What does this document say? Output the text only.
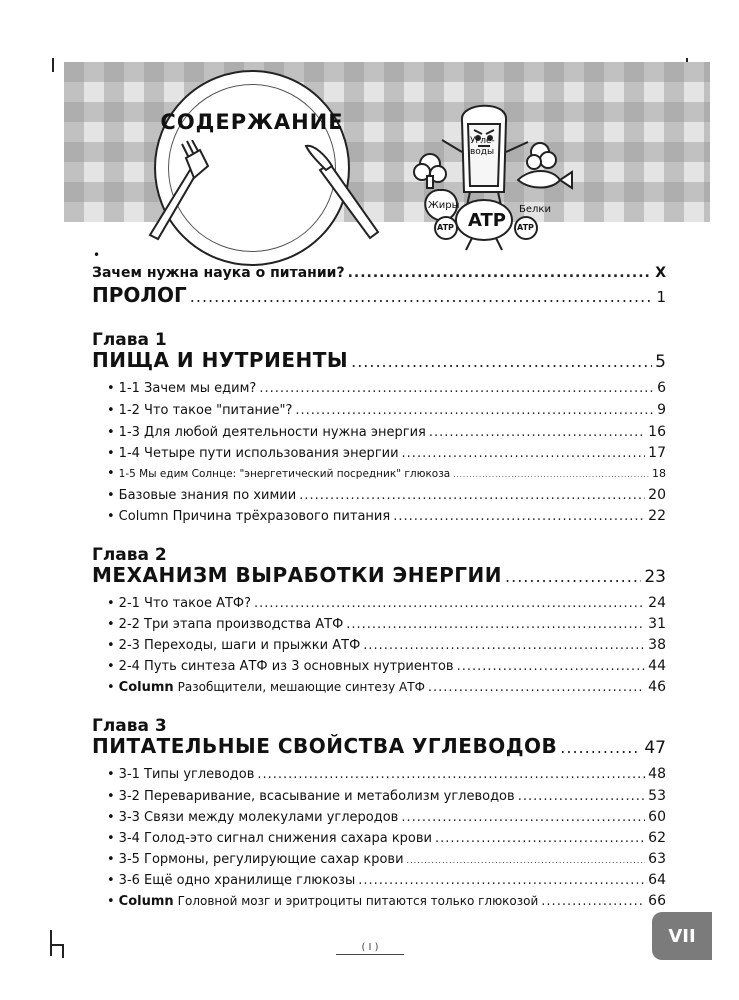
СОДЕРЖАНИЕ
Угле-
воды
Жиры	Белки
ATP
ATP	ATP
•
Зачем нужна наука о питании? .....	X
ПРОЛОГ .....	1
Глава 1
ПИЩА И НУТРИЕНТЫ .....	5
• 1-1 Зачем мы едим? .....	6
• 1-2 Что такое "питание"? .....	9
• 1-3 Для любой деятельности нужна энергия .....	16
• 1-4 Четыре пути использования энергии .....	17
• 1-5 Мы едим Солнце: "энергетический посредник" глюкоза .....	18
• Базовые знания по химии .....	20
• Column Причина трёхразового питания .....	22
Глава 2
МЕХАНИЗМ ВЫРАБОТКИ ЭНЕРГИИ .....	23
• 2-1 Что такое АТФ? .....	24
• 2-2 Три этапа производства АТФ .....	31
• 2-3 Переходы, шаги и прыжки АТФ .....	38
• 2-4 Путь синтеза АТФ из 3 основных нутриентов .....	44
• Column Разобщители, мешающие синтезу АТФ .....	46
Глава 3
ПИТАТЕЛЬНЫЕ СВОЙСТВА УГЛЕВОДОВ .....	47
• 3-1 Типы углеводов .....	48
• 3-2 Переваривание, всасывание и метаболизм углеводов .....	53
• 3-3 Связи между молекулами углеродов .....	60
• 3-4 Голод-это сигнал снижения сахара крови .....	62
• 3-5 Гормоны, регулирующие сахар крови .....	63
• 3-6 Ещё одно хранилище глюкозы .....	64
• Column Головной мозг и эритроциты питаются только глюкозой .....	66
VII
( I )
